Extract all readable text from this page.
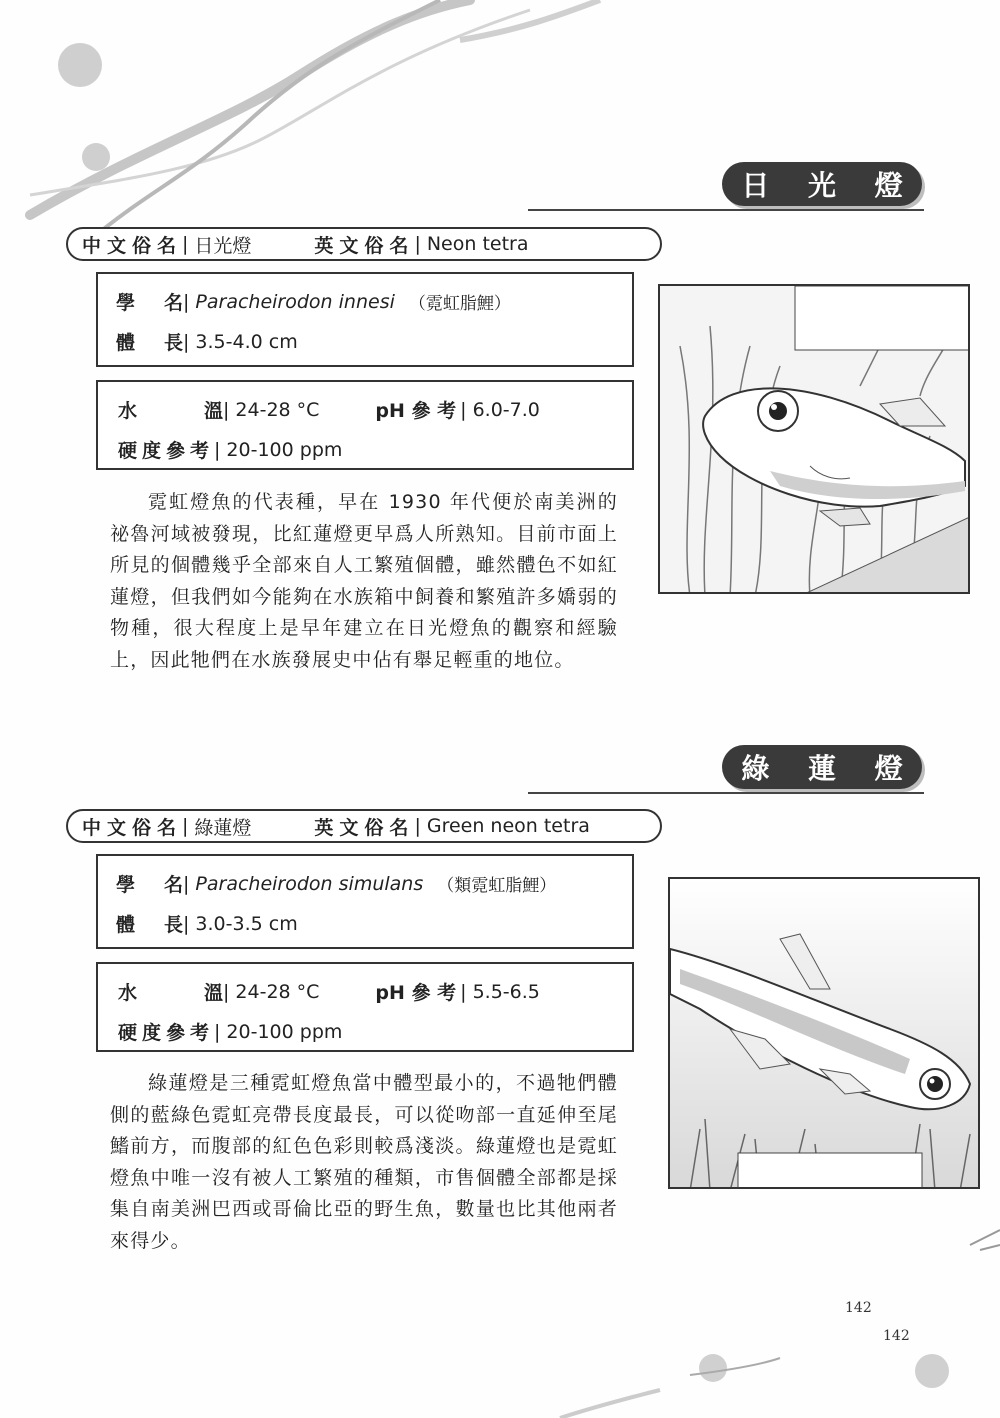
日 光 燈
中文俗名 | 日光燈	英文俗名 | Neon tetra
學	名 | Paracheirodon innesi （霓虹脂鯉）
體	長 | 3.5-4.0 cm
水	溫 | 24-28 °C	pH 參 考 | 6.0-7.0
硬度參考 | 20-100 ppm

霓虹燈魚的代表種，早在 1930 年代便於南美洲的祕魯河域被發現，比紅蓮燈更早爲人所熟知。目前市面上所見的個體幾乎全部來自人工繁殖個體，雖然體色不如紅蓮燈，但我們如今能夠在水族箱中飼養和繁殖許多嬌弱的物種，很大程度上是早年建立在日光燈魚的觀察和經驗上，因此牠們在水族發展史中佔有舉足輕重的地位。

綠 蓮 燈
中文俗名 | 綠蓮燈	英文俗名 | Green neon tetra
學	名 | Paracheirodon simulans （類霓虹脂鯉）
體	長 | 3.0-3.5 cm
水	溫 | 24-28 °C	pH 參 考 | 5.5-6.5
硬度參考 | 20-100 ppm

綠蓮燈是三種霓虹燈魚當中體型最小的，不過牠們體側的藍綠色霓虹亮帶長度最長，可以從吻部一直延伸至尾鰭前方，而腹部的紅色色彩則較爲淺淡。綠蓮燈也是霓虹燈魚中唯一沒有被人工繁殖的種類，市售個體全部都是採集自南美洲巴西或哥倫比亞的野生魚，數量也比其他兩者來得少。

142
142
